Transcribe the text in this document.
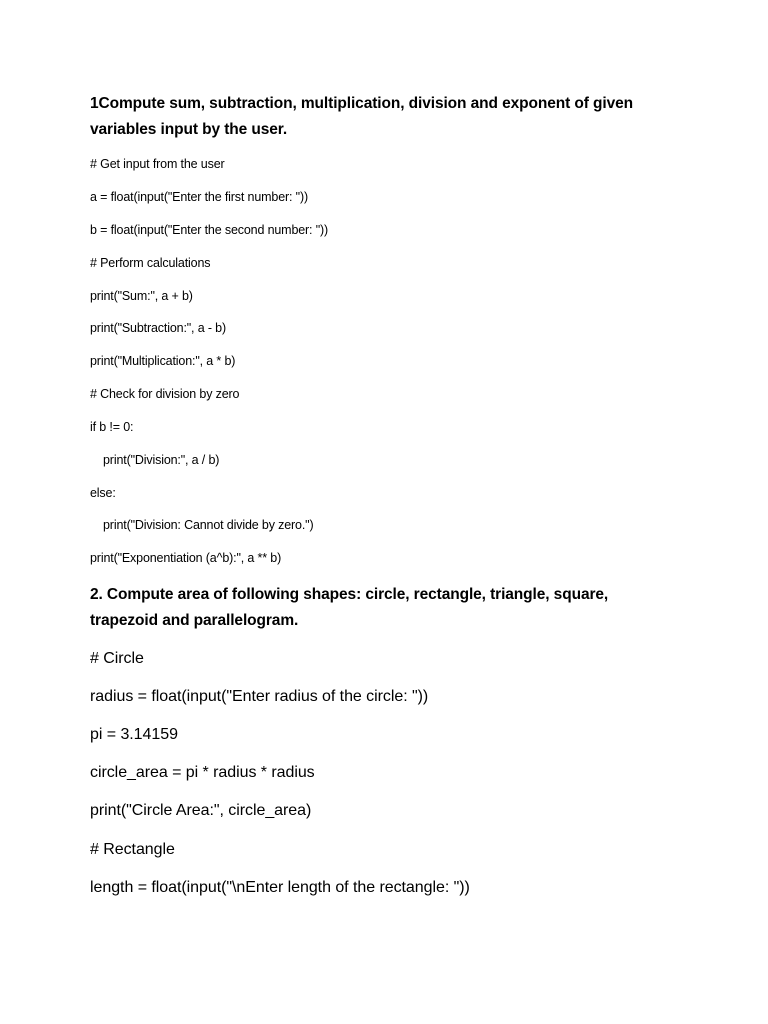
1Compute sum, subtraction, multiplication, division and exponent of given

variables input by the user.

# Get input from the user

a = float(input("Enter the first number: "))

b = float(input("Enter the second number: "))

# Perform calculations

print("Sum:", a + b)

print("Subtraction:", a - b)

print("Multiplication:", a * b)

# Check for division by zero

if b != 0:

print("Division:", a / b)

else:

print("Division: Cannot divide by zero.")

print("Exponentiation (a^b):", a ** b)

2. Compute area of following shapes: circle, rectangle, triangle, square,

trapezoid and parallelogram.

# Circle

radius = float(input("Enter radius of the circle: "))

pi = 3.14159

circle_area = pi * radius * radius

print("Circle Area:", circle_area)

# Rectangle

length = float(input("\nEnter length of the rectangle: "))
